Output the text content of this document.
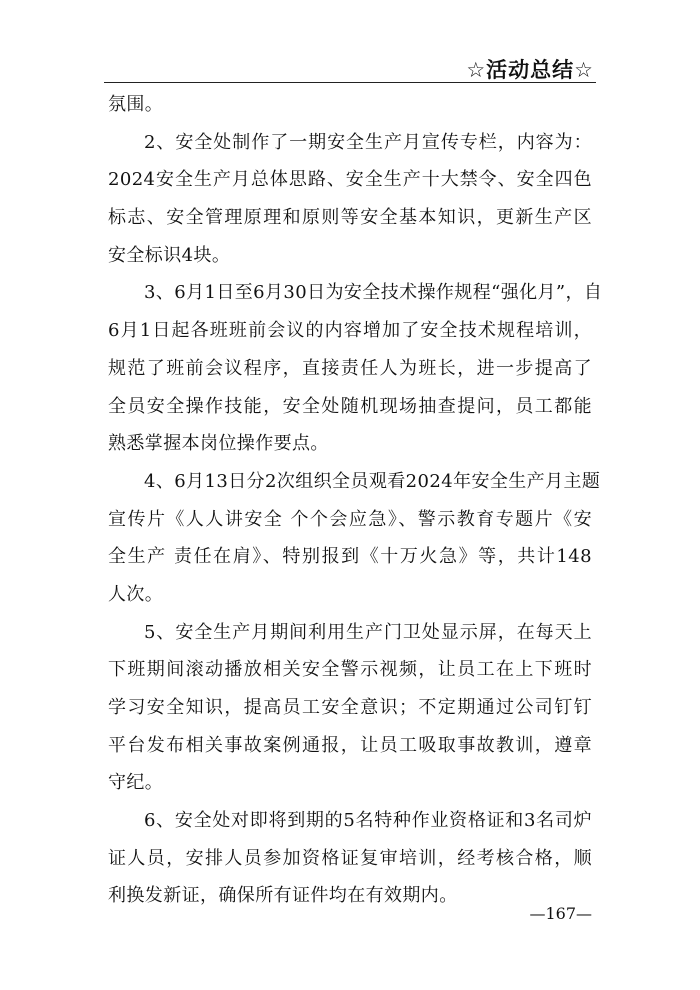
☆活动总结☆
氛围。
2、安全处制作了一期安全生产月宣传专栏，内容为：
2024安全生产月总体思路、安全生产十大禁令、安全四色
标志、安全管理原理和原则等安全基本知识，更新生产区
安全标识4块。
3、6月1日至6月30日为安全技术操作规程“强化月”，自
6月1日起各班班前会议的内容增加了安全技术规程培训，
规范了班前会议程序，直接责任人为班长，进一步提高了
全员安全操作技能，安全处随机现场抽查提问，员工都能
熟悉掌握本岗位操作要点。
4、6月13日分2次组织全员观看2024年安全生产月主题
宣传片《人人讲安全 个个会应急》、警示教育专题片《安
全生产 责任在肩》、特别报到《十万火急》等，共计148
人次。
5、安全生产月期间利用生产门卫处显示屏，在每天上
下班期间滚动播放相关安全警示视频，让员工在上下班时
学习安全知识，提高员工安全意识；不定期通过公司钉钉
平台发布相关事故案例通报，让员工吸取事故教训，遵章
守纪。
6、安全处对即将到期的5名特种作业资格证和3名司炉
证人员，安排人员参加资格证复审培训，经考核合格，顺
利换发新证，确保所有证件均在有效期内。
—167—
